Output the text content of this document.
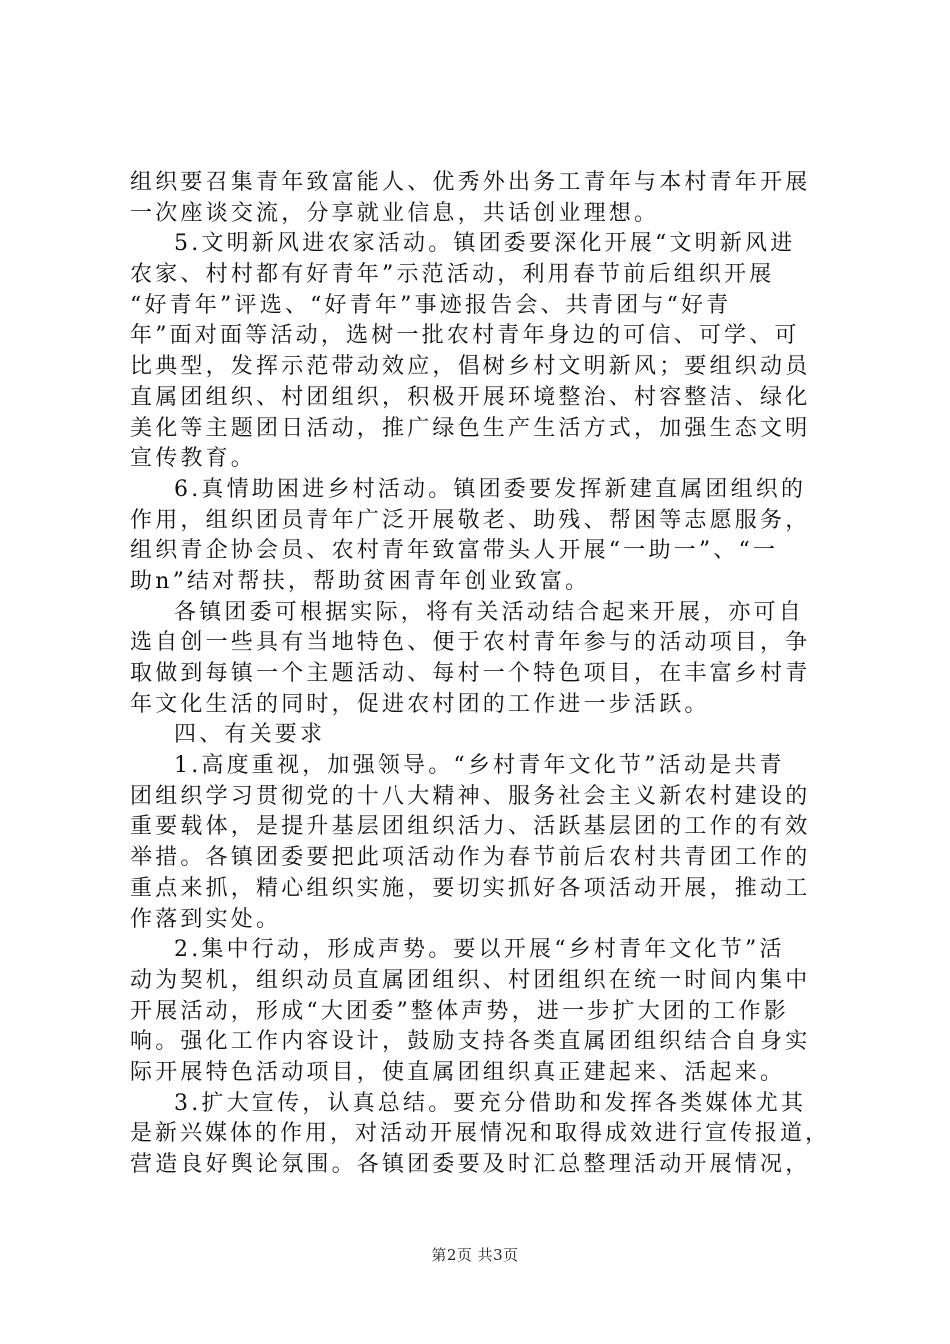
组织要召集青年致富能人、优秀外出务工青年与本村青年开展
一次座谈交流，分享就业信息，共话创业理想。
5.文明新风进农家活动。镇团委要深化开展“文明新风进
农家、村村都有好青年”示范活动，利用春节前后组织开展
“好青年”评选、“好青年”事迹报告会、共青团与“好青
年”面对面等活动，选树一批农村青年身边的可信、可学、可
比典型，发挥示范带动效应，倡树乡村文明新风；要组织动员
直属团组织、村团组织，积极开展环境整治、村容整洁、绿化
美化等主题团日活动，推广绿色生产生活方式，加强生态文明
宣传教育。
6.真情助困进乡村活动。镇团委要发挥新建直属团组织的
作用，组织团员青年广泛开展敬老、助残、帮困等志愿服务，
组织青企协会员、农村青年致富带头人开展“一助一”、“一
助n”结对帮扶，帮助贫困青年创业致富。
各镇团委可根据实际，将有关活动结合起来开展，亦可自
选自创一些具有当地特色、便于农村青年参与的活动项目，争
取做到每镇一个主题活动、每村一个特色项目，在丰富乡村青
年文化生活的同时，促进农村团的工作进一步活跃。
四、有关要求
1.高度重视，加强领导。“乡村青年文化节”活动是共青
团组织学习贯彻党的十八大精神、服务社会主义新农村建设的
重要载体，是提升基层团组织活力、活跃基层团的工作的有效
举措。各镇团委要把此项活动作为春节前后农村共青团工作的
重点来抓，精心组织实施，要切实抓好各项活动开展，推动工
作落到实处。
2.集中行动，形成声势。要以开展“乡村青年文化节”活
动为契机，组织动员直属团组织、村团组织在统一时间内集中
开展活动，形成“大团委”整体声势，进一步扩大团的工作影
响。强化工作内容设计，鼓励支持各类直属团组织结合自身实
际开展特色活动项目，使直属团组织真正建起来、活起来。
3.扩大宣传，认真总结。要充分借助和发挥各类媒体尤其
是新兴媒体的作用，对活动开展情况和取得成效进行宣传报道，
营造良好舆论氛围。各镇团委要及时汇总整理活动开展情况，
第2页 共3页
